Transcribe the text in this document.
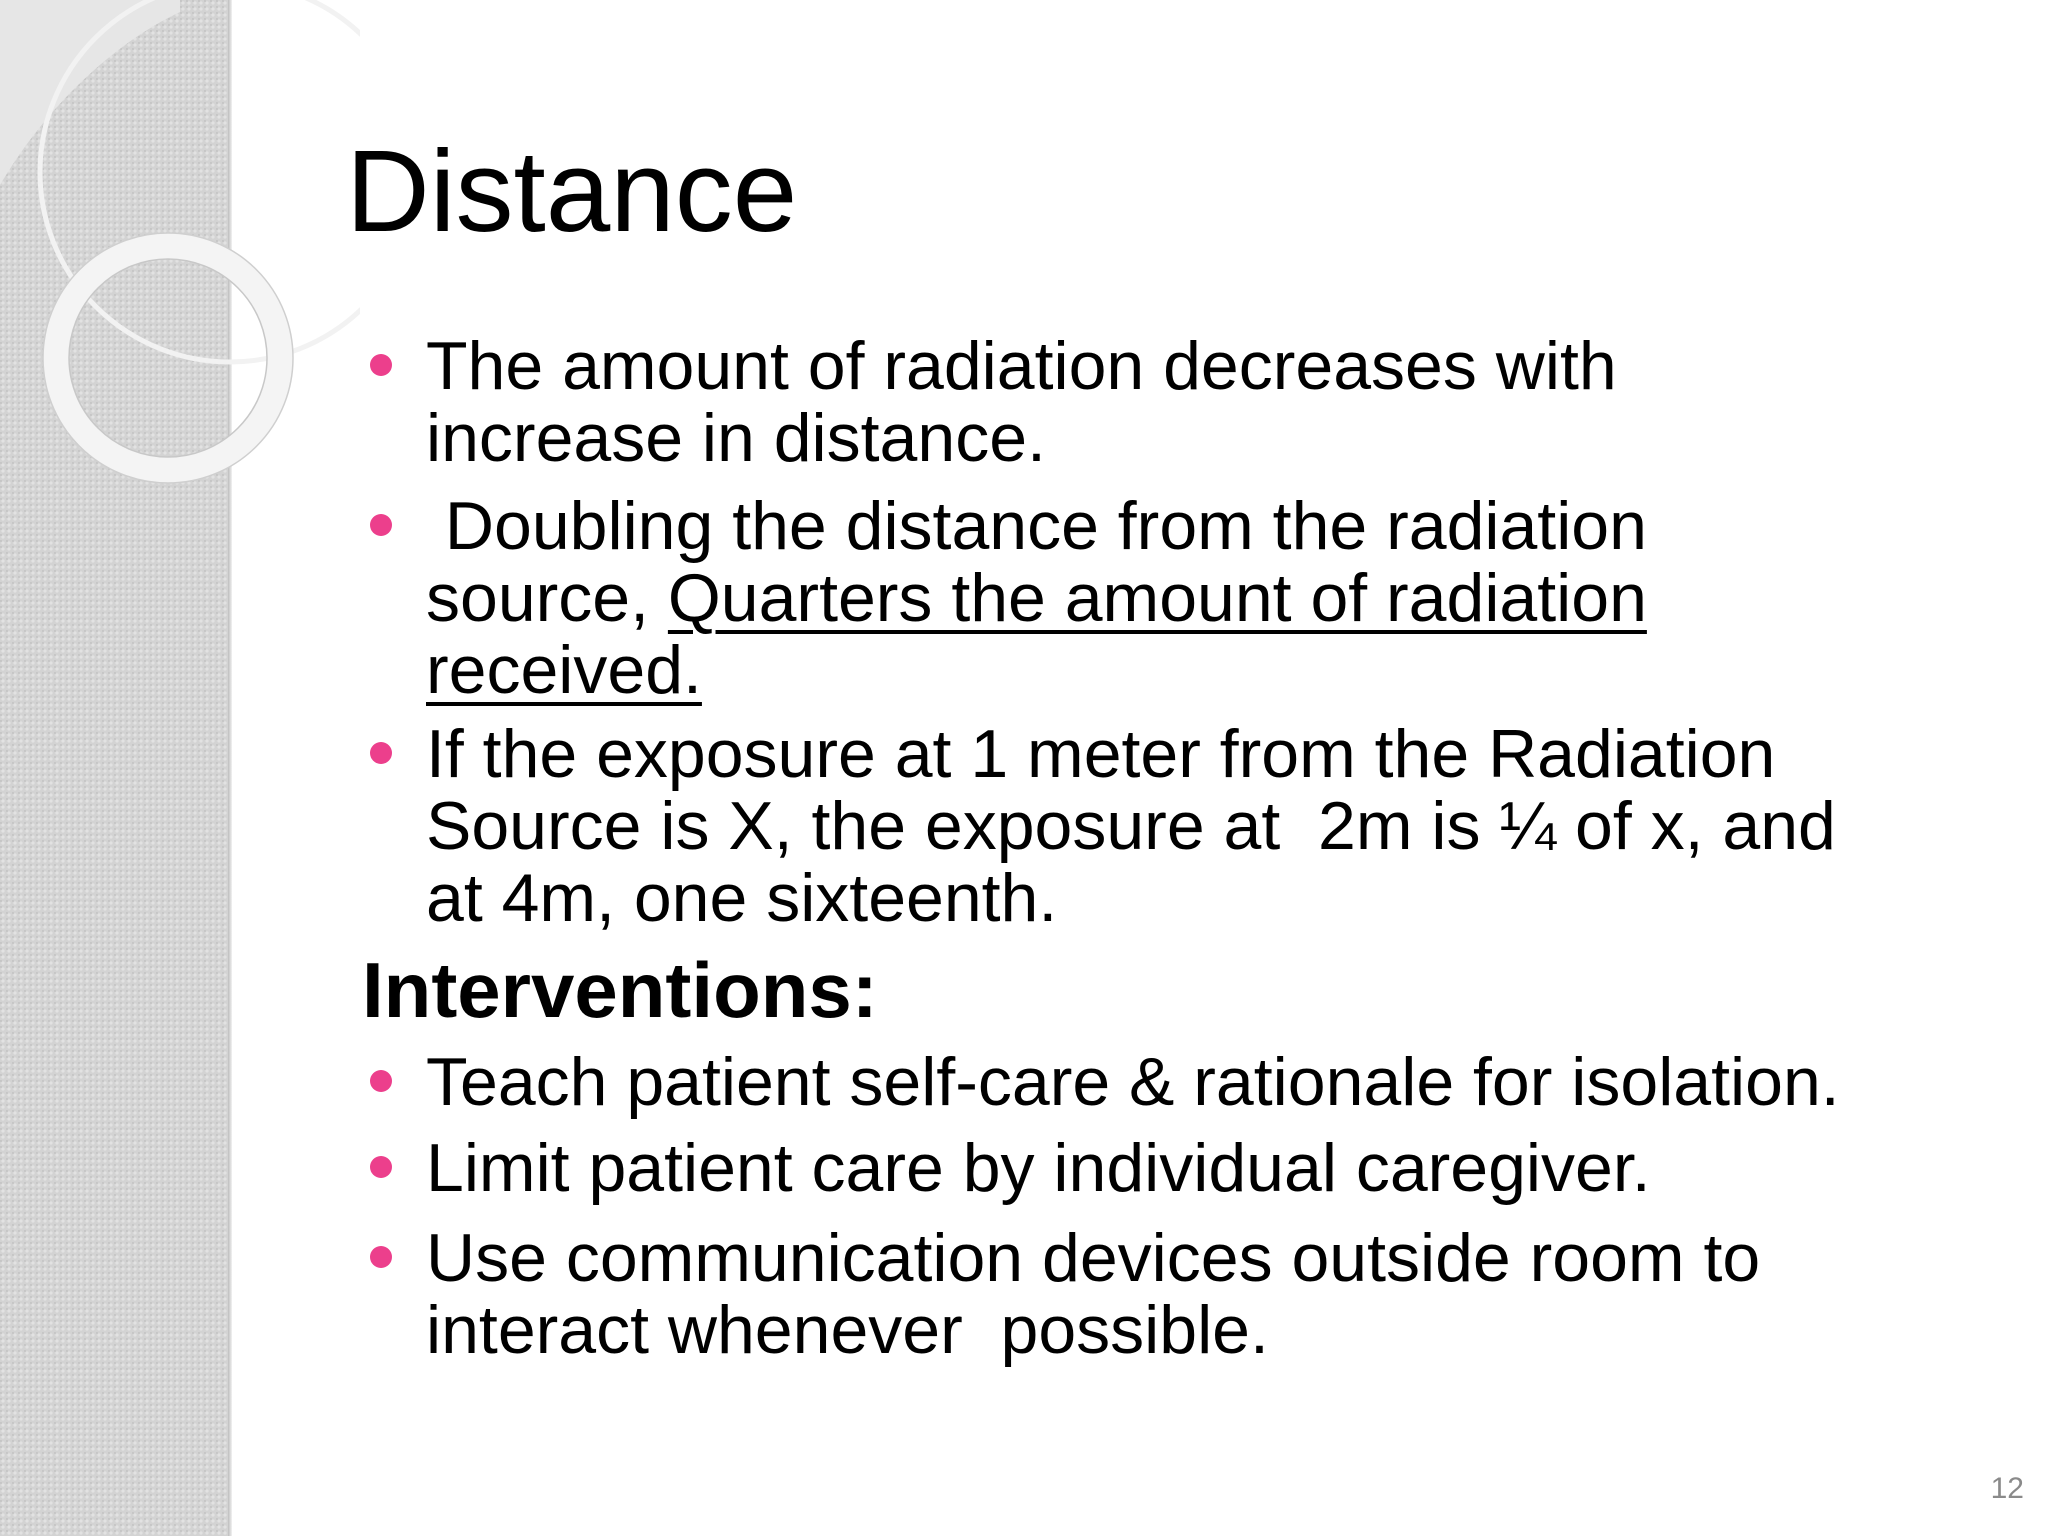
Distance
The amount of radiation decreases with
increase in distance.
Doubling the distance from the radiation
source, Quarters the amount of radiation
received.
If the exposure at 1 meter from the Radiation
Source is X, the exposure at  2m is ¼ of x, and
at 4m, one sixteenth.
Interventions:
Teach patient self-care & rationale for isolation.
Limit patient care by individual caregiver.
Use communication devices outside room to
interact whenever  possible.
12
